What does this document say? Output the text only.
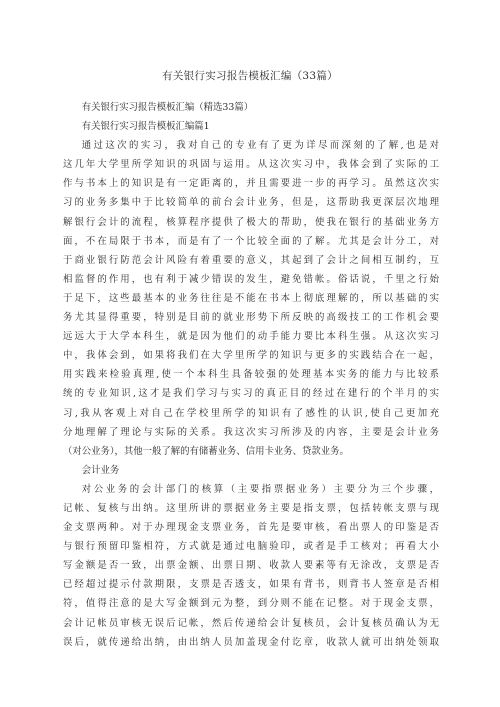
有关银行实习报告模板汇编（33篇）
有关银行实习报告模板汇编（精选33篇）
有关银行实习报告模板汇编篇1
通过这次的实习，我对自己的专业有了更为详尽而深刻的了解,也是对
这几年大学里所学知识的巩固与运用。从这次实习中，我体会到了实际的工
作与书本上的知识是有一定距离的，并且需要进一步的再学习。虽然这次实
习的业务多集中于比较简单的前台会计业务，但是，这帮助我更深层次地理
解银行会计的流程，核算程序提供了极大的帮助，使我在银行的基础业务方
面，不在局限于书本，而是有了一个比较全面的了解。尤其是会计分工，对
于商业银行防范会计风险有着重要的意义，其起到了会计之间相互制约，互
相监督的作用，也有利于减少错误的发生，避免错帐。俗话说，千里之行始
于足下，这些最基本的业务往往是不能在书本上彻底理解的，所以基础的实
务尤其显得重要，特别是目前的就业形势下所反映的高级技工的工作机会要
远远大于大学本科生，就是因为他们的动手能力要比本科生强。从这次实习
中，我体会到，如果将我们在大学里所学的知识与更多的实践结合在一起，
用实践来检验真理,使一个本科生具备较强的处理基本实务的能力与比较系
统的专业知识,这才是我们学习与实习的真正目的经过在建行的个半月的实
习,我从客观上对自己在学校里所学的知识有了感性的认识,使自己更加充
分地理解了理论与实际的关系。我这次实习所涉及的内容，主要是会计业务
（对公业务），其他一般了解的有储蓄业务、信用卡业务、贷款业务。
会计业务
对公业务的会计部门的核算（主要指票据业务）主要分为三个步骤，
记帐、复核与出纳。这里所讲的票据业务主要是指支票，包括转帐支票与现
金支票两种。对于办理现金支票业务，首先是要审核，看出票人的印鉴是否
与银行预留印鉴相符，方式就是通过电脑验印，或者是手工核对；再看大小
写金额是否一致，出票金额、出票日期、收款人要素等有无涂改，支票是否
已经超过提示付款期限，支票是否透支，如果有背书，则背书人签章是否相
符，值得注意的是大写金额到元为整，到分则不能在记整。对于现金支票，
会计记帐员审核无误后记帐，然后传递给会计复核员，会计复核员确认为无
误后，就传递给出纳，由出纳人员加盖现金付讫章，收款人就可出纳处领取
